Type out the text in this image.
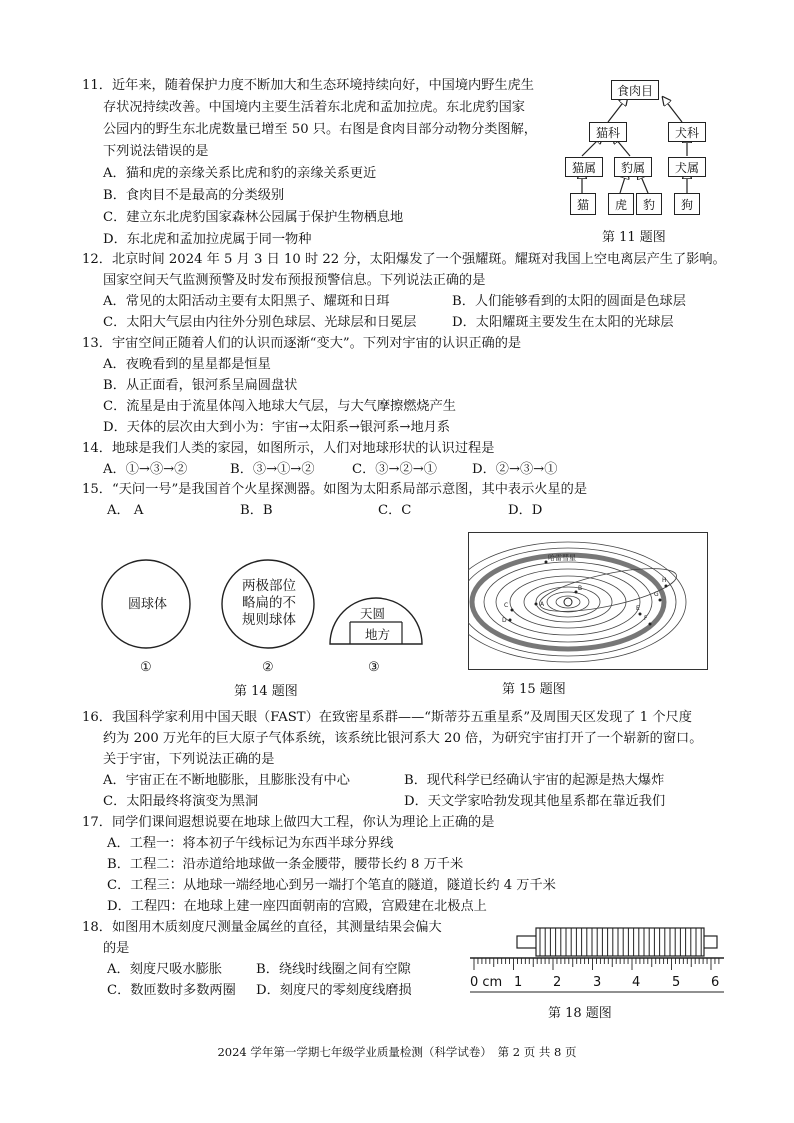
11．近年来，随着保护力度不断加大和生态环境持续向好，中国境内野生虎生
存状况持续改善。中国境内主要生活着东北虎和孟加拉虎。东北虎豹国家
公园内的野生东北虎数量已增至 50 只。右图是食肉目部分动物分类图解，
下列说法错误的是
A．猫和虎的亲缘关系比虎和豹的亲缘关系更近
B．食肉目不是最高的分类级别
C．建立东北虎豹国家森林公园属于保护生物栖息地
D．东北虎和孟加拉虎属于同一物种
食肉目
猫科	犬科
猫属	豹属	犬属
猫	虎	豹	狗
第 11 题图
12．北京时间 2024 年 5 月 3 日 10 时 22 分，太阳爆发了一个强耀斑。耀斑对我国上空电离层产生了影响。
国家空间天气监测预警及时发布预报预警信息。下列说法正确的是
A．常见的太阳活动主要有太阳黑子、耀斑和日珥	B．人们能够看到的太阳的圆面是色球层
C．太阳大气层由内往外分别色球层、光球层和日冕层	D．太阳耀斑主要发生在太阳的光球层
13．宇宙空间正随着人们的认识而逐渐“变大”。下列对宇宙的认识正确的是
A．夜晚看到的星星都是恒星
B．从正面看，银河系呈扁圆盘状
C．流星是由于流星体闯入地球大气层，与大气摩擦燃烧产生
D．天体的层次由大到小为：宇宙→太阳系→银河系→地月系
14．地球是我们人类的家园，如图所示，人们对地球形状的认识过程是
A．①→③→②	B．③→①→②	C．③→②→①	D．②→③→①
15．“天问一号”是我国首个火星探测器。如图为太阳系局部示意图，其中表示火星的是
A． A	B．B	C．C	D．D
圆球体
两极部位
略扁的不
规则球体	天圆
地方
①	②	③
第 14 题图
哈雷彗星
A
B
C
D
E
F
G
H
第 15 题图
16．我国科学家利用中国天眼（FAST）在致密星系群——“斯蒂芬五重星系”及周围天区发现了 1 个尺度
约为 200 万光年的巨大原子气体系统，该系统比银河系大 20 倍，为研究宇宙打开了一个崭新的窗口。
关于宇宙，下列说法正确的是
A．宇宙正在不断地膨胀，且膨胀没有中心	B．现代科学已经确认宇宙的起源是热大爆炸
C．太阳最终将演变为黑洞	D．天文学家哈勃发现其他星系都在靠近我们
17．同学们课间遐想说要在地球上做四大工程，你认为理论上正确的是
A．工程一：将本初子午线标记为东西半球分界线
B．工程二：沿赤道给地球做一条金腰带，腰带长约 8 万千米
C．工程三：从地球一端经地心到另一端打个笔直的隧道，隧道长约 4 万千米
D．工程四：在地球上建一座四面朝南的宫殿，宫殿建在北极点上
18．如图用木质刻度尺测量金属丝的直径，其测量结果会偏大
的是
A．刻度尺吸水膨胀	B．绕线时线圈之间有空隙
C．数匝数时多数两圈 D．刻度尺的零刻度线磨损
0 cm 1 2 3 4 5 6
第 18 题图
2024 学年第一学期七年级学业质量检测（科学试卷）　第 2 页 共 8 页
